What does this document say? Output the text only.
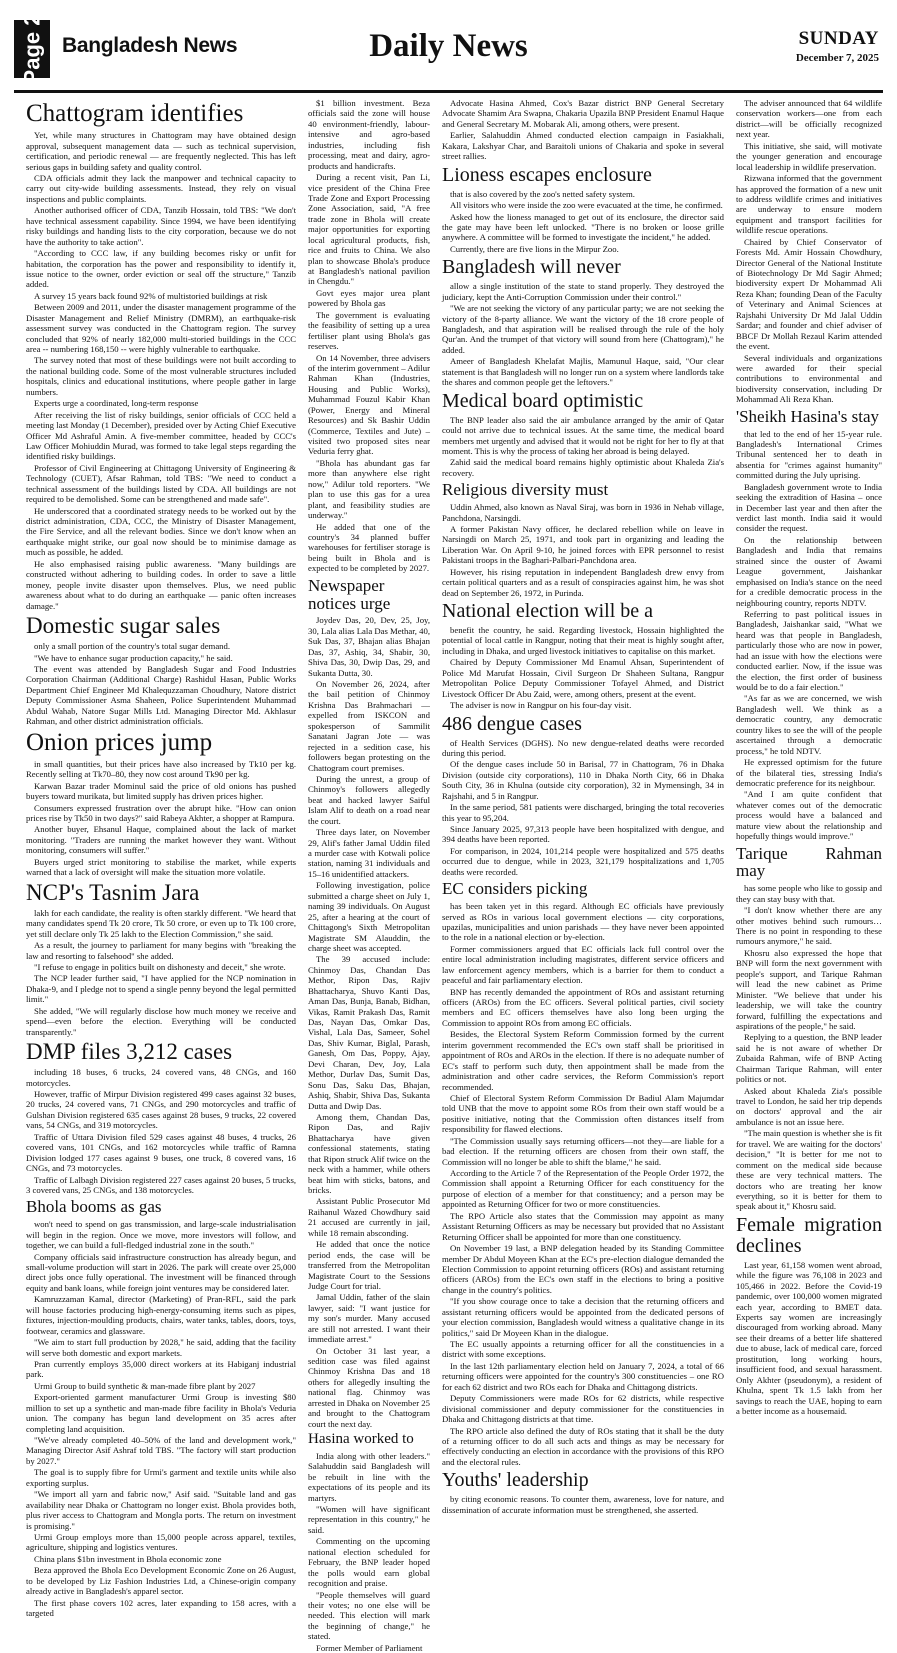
Page 2 Bangladesh News	Daily News	SUNDAY
December 7, 2025
Chattogram identifies

Yet, while many structures in Chattogram may have obtained design approval, subsequent management data — such as technical supervision, certification, and periodic renewal — are frequently neglected. This has left serious gaps in building safety and quality control.

CDA officials admit they lack the manpower and technical capacity to carry out city-wide building assessments. Instead, they rely on visual inspections and public complaints.

Another authorised officer of CDA, Tanzib Hossain, told TBS: "We don't have technical assessment capability. Since 1994, we have been identifying risky buildings and handing lists to the city corporation, because we do not have the authority to take action".

"According to CCC law, if any building becomes risky or unfit for habitation, the corporation has the power and responsibility to identify it, issue notice to the owner, order eviction or seal off the structure," Tanzib added.

A survey 15 years back found 92% of multistoried buildings at risk

Between 2009 and 2011, under the disaster management programme of the Disaster Management and Relief Ministry (DMRM), an earthquake-risk assessment survey was conducted in the Chattogram region. The survey concluded that 92% of nearly 182,000 multi-storied buildings in the CCC area -- numbering 168,150 -- were highly vulnerable to earthquake.

The survey noted that most of these buildings were not built according to the national building code. Some of the most vulnerable structures included hospitals, clinics and educational institutions, where people gather in large numbers.

Experts urge a coordinated, long-term response

After receiving the list of risky buildings, senior officials of CCC held a meeting last Monday (1 December), presided over by Acting Chief Executive Officer Md Ashraful Amin. A five-member committee, headed by CCC's Law Officer Mohiuddin Murad, was formed to take legal steps regarding the identified risky buildings.

Professor of Civil Engineering at Chittagong University of Engineering & Technology (CUET), Afsar Rahman, told TBS: "We need to conduct a technical assessment of the buildings listed by CDA. All buildings are not required to be demolished. Some can be strengthened and made safe".

He underscored that a coordinated strategy needs to be worked out by the district administration, CDA, CCC, the Ministry of Disaster Management, the Fire Service, and all the relevant bodies. Since we don't know when an earthquake might strike, our goal now should be to minimise damage as much as possible, he added.

He also emphasised raising public awareness. "Many buildings are constructed without adhering to building codes. In order to save a little money, people invite disaster upon themselves. Plus, we need public awareness about what to do during an earthquake — panic often increases damage."

Domestic sugar sales

only a small portion of the country's total sugar demand.

"We have to enhance sugar production capacity," he said.

The event was attended by Bangladesh Sugar and Food Industries Corporation Chairman (Additional Charge) Rashidul Hasan, Public Works Department Chief Engineer Md Khalequzzaman Choudhury, Natore district Deputy Commissioner Asma Shaheen, Police Superintendent Muhammad Abdul Wahab, Natore Sugar Mills Ltd. Managing Director Md. Akhlasur Rahman, and other district administration officials.

Onion prices jump

in small quantities, but their prices have also increased by Tk10 per kg. Recently selling at Tk70–80, they now cost around Tk90 per kg.

Karwan Bazar trader Mominul said the price of old onions has pushed buyers toward murikata, but limited supply has driven prices higher.

Consumers expressed frustration over the abrupt hike. "How can onion prices rise by Tk50 in two days?" said Rabeya Akhter, a shopper at Rampura.

Another buyer, Ehsanul Haque, complained about the lack of market monitoring. "Traders are running the market however they want. Without monitoring, consumers will suffer."

Buyers urged strict monitoring to stabilise the market, while experts warned that a lack of oversight will make the situation more volatile.

NCP's Tasnim Jara

lakh for each candidate, the reality is often starkly different. "We heard that many candidates spend Tk 20 crore, Tk 50 crore, or even up to Tk 100 crore, yet still declare only Tk 25 lakh to the Election Commission," she said.

As a result, the journey to parliament for many begins with "breaking the law and resorting to falsehood" she added.

"I refuse to engage in politics built on dishonesty and deceit," she wrote.

The NCP leader further said, "I have applied for the NCP nomination in Dhaka-9, and I pledge not to spend a single penny beyond the legal permitted limit."

She added, "We will regularly disclose how much money we receive and spend—even before the election. Everything will be conducted transparently."

DMP files 3,212 cases

including 18 buses, 6 trucks, 24 covered vans, 48 CNGs, and 160 motorcycles.

However, traffic of Mirpur Division registered 499 cases against 32 buses, 20 trucks, 24 covered vans, 71 CNGs, and 290 motorcycles and traffic of Gulshan Division registered 635 cases against 28 buses, 9 trucks, 22 covered vans, 54 CNGs, and 319 motorcycles.

Traffic of Uttara Division filed 529 cases against 48 buses, 4 trucks, 26 covered vans, 101 CNGs, and 162 motorcycles while traffic of Ramna Division lodged 177 cases against 9 buses, one truck, 8 covered vans, 16 CNGs, and 73 motorcycles.

Traffic of Lalbagh Division registered 227 cases against 20 buses, 5 trucks, 3 covered vans, 25 CNGs, and 138 motorcycles.

Bhola booms as gas

won't need to spend on gas transmission, and large-scale industrialisation will begin in the region. Once we move, more investors will follow, and together, we can build a full-fledged industrial zone in the south."

Company officials said infrastructure construction has already begun, and small-volume production will start in 2026. The park will create over 25,000 direct jobs once fully operational. The investment will be financed through equity and bank loans, while foreign joint ventures may be considered later.

Kamruzzaman Kamal, director (Marketing) of Pran-RFL, said the park will house factories producing high-energy-consuming items such as pipes, fixtures, injection-moulding products, chairs, water tanks, tables, doors, toys, footwear, ceramics and glassware.

"We aim to start full production by 2028," he said, adding that the facility will serve both domestic and export markets.

Pran currently employs 35,000 direct workers at its Habiganj industrial park.

Urmi Group to build synthetic & man-made fibre plant by 2027

Export-oriented garment manufacturer Urmi Group is investing $80 million to set up a synthetic and man-made fibre facility in Bhola's Veduria union. The company has begun land development on 35 acres after completing land acquisition.

"We've already completed 40–50% of the land and development work," Managing Director Asif Ashraf told TBS. "The factory will start production by 2027."

The goal is to supply fibre for Urmi's garment and textile units while also exporting surplus.

"We import all yarn and fabric now," Asif said. "Suitable land and gas availability near Dhaka or Chattogram no longer exist. Bhola provides both, plus river access to Chattogram and Mongla ports. The return on investment is promising."

Urmi Group employs more than 15,000 people across apparel, textiles, agriculture, shipping and logistics ventures.

China plans $1bn investment in Bhola economic zone

Beza approved the Bhola Eco Development Economic Zone on 26 August, to be developed by Liz Fashion Industries Ltd, a Chinese-origin company already active in Bangladesh's apparel sector.

The first phase covers 102 acres, later expanding to 158 acres, with a targeted

$1 billion investment. Beza officials said the zone will house 40 environment-friendly, labour-intensive and agro-based industries, including fish processing, meat and dairy, agro-products and handicrafts.

During a recent visit, Pan Li, vice president of the China Free Trade Zone and Export Processing Zone Association, said, "A free trade zone in Bhola will create major opportunities for exporting local agricultural products, fish, rice and fruits to China. We also plan to showcase Bhola's produce at Bangladesh's national pavilion in Chengdu."

Govt eyes major urea plant powered by Bhola gas

The government is evaluating the feasibility of setting up a urea fertiliser plant using Bhola's gas reserves.

On 14 November, three advisers of the interim government – Adilur Rahman Khan (Industries, Housing and Public Works), Muhammad Fouzul Kabir Khan (Power, Energy and Mineral Resources) and Sk Bashir Uddin (Commerce, Textiles and Jute) – visited two proposed sites near Veduria ferry ghat.

"Bhola has abundant gas far more than anywhere else right now," Adilur told reporters. "We plan to use this gas for a urea plant, and feasibility studies are underway."

He added that one of the country's 34 planned buffer warehouses for fertiliser storage is being built in Bhola and is expected to be completed by 2027.

Newspaper notices urge

Joydev Das, 20, Dev, 25, Joy, 30, Lala alias Lala Das Methar, 40, Suk Das, 37, Bhajan alias Bhajan Das, 37, Ashiq, 34, Shabir, 30, Shiva Das, 30, Dwip Das, 29, and Sukanta Dutta, 30.

On November 26, 2024, after the bail petition of Chinmoy Krishna Das Brahmachari — expelled from ISKCON and spokesperson of Sammilit Sanatani Jagran Jote — was rejected in a sedition case, his followers began protesting on the Chattogram court premises.

During the unrest, a group of Chinmoy's followers allegedly beat and hacked lawyer Saiful Islam Alif to death on a road near the court.

Three days later, on November 29, Alif's father Jamal Uddin filed a murder case with Kotwali police station, naming 31 individuals and 15–16 unidentified attackers.

Following investigation, police submitted a charge sheet on July 1, naming 39 individuals. On August 25, after a hearing at the court of Chittagong's Sixth Metropolitan Magistrate SM Alauddin, the charge sheet was accepted.

The 39 accused include: Chinmoy Das, Chandan Das Methor, Ripon Das, Rajiv Bhattacharya, Shuvo Kanti Das, Aman Das, Bunja, Banab, Bidhan, Vikas, Ramit Prakash Das, Ramit Das, Nayan Das, Omkar Das, Vishal, Lala Das, Sameer, Sohel Das, Shiv Kumar, Biglal, Parash, Ganesh, Om Das, Poppy, Ajay, Devi Charan, Dev, Joy, Lala Methor, Durlav Das, Sumit Das, Sonu Das, Saku Das, Bhajan, Ashiq, Shabir, Shiva Das, Sukanta Dutta and Dwip Das.

Among them, Chandan Das, Ripon Das, and Rajiv Bhattacharya have given confessional statements, stating that Ripon struck Alif twice on the neck with a hammer, while others beat him with sticks, batons, and bricks.

Assistant Public Prosecutor Md Raihanul Wazed Chowdhury said 21 accused are currently in jail, while 18 remain absconding.

He added that once the notice period ends, the case will be transferred from the Metropolitan Magistrate Court to the Sessions Judge Court for trial.

Jamal Uddin, father of the slain lawyer, said: "I want justice for my son's murder. Many accused are still not arrested. I want their immediate arrest."

On October 31 last year, a sedition case was filed against Chinmoy Krishna Das and 18 others for allegedly insulting the national flag. Chinmoy was arrested in Dhaka on November 25 and brought to the Chattogram court the next day.

Hasina worked to

India along with other leaders." Salahuddin said Bangladesh will be rebuilt in line with the expectations of its people and its martyrs.

"Women will have significant representation in this country," he said.

Commenting on the upcoming national election scheduled for February, the BNP leader hoped the polls would earn global recognition and praise.

"People themselves will guard their votes; no one else will be needed. This election will mark the beginning of change," he stated.

Former Member of Parliament

Advocate Hasina Ahmed, Cox's Bazar district BNP General Secretary Advocate Shamim Ara Swapna, Chakaria Upazila BNP President Enamul Haque and General Secretary M. Mobarak Ali, among others, were present.

Earlier, Salahuddin Ahmed conducted election campaign in Fasiakhali, Kakara, Lakshyar Char, and Baraitoli unions of Chakaria and spoke in several street rallies.

Lioness escapes enclosure

that is also covered by the zoo's netted safety system.

All visitors who were inside the zoo were evacuated at the time, he confirmed.

Asked how the lioness managed to get out of its enclosure, the director said the gate may have been left unlocked. "There is no broken or loose grille anywhere. A committee will be formed to investigate the incident," he added.

Currently, there are five lions in the Mirpur Zoo.

Bangladesh will never

allow a single institution of the state to stand properly. They destroyed the judiciary, kept the Anti-Corruption Commission under their control."

"We are not seeking the victory of any particular party; we are not seeking the victory of the 8-party alliance. We want the victory of the 18 crore people of Bangladesh, and that aspiration will be realised through the rule of the holy Qur'an. And the trumpet of that victory will sound from here (Chattogram)," he added.

Ameer of Bangladesh Khelafat Majlis, Mamunul Haque, said, "Our clear statement is that Bangladesh will no longer run on a system where landlords take the shares and common people get the leftovers."

Medical board optimistic

The BNP leader also said the air ambulance arranged by the amir of Qatar could not arrive due to technical issues. At the same time, the medical board members met urgently and advised that it would not be right for her to fly at that moment. This is why the process of taking her abroad is being delayed.

Zahid said the medical board remains highly optimistic about Khaleda Zia's recovery.

Religious diversity must

Uddin Ahmed, also known as Naval Siraj, was born in 1936 in Nehab village, Panchdona, Narsingdi.

A former Pakistan Navy officer, he declared rebellion while on leave in Narsingdi on March 25, 1971, and took part in organizing and leading the Liberation War. On April 9-10, he joined forces with EPR personnel to resist Pakistani troops in the Baghari-Palbari-Panchdona area.

However, his rising reputation in independent Bangladesh drew envy from certain political quarters and as a result of conspiracies against him, he was shot dead on September 26, 1972, in Purinda.

National election will be a

benefit the country, he said. Regarding livestock, Hossain highlighted the potential of local cattle in Rangpur, noting that their meat is highly sought after, including in Dhaka, and urged livestock initiatives to capitalise on this market.

Chaired by Deputy Commissioner Md Enamul Ahsan, Superintendent of Police Md Marufat Hossain, Civil Surgeon Dr Shaheen Sultana, Rangpur Metropolitan Police Deputy Commissioner Tofayel Ahmed, and District Livestock Officer Dr Abu Zaid, were, among others, present at the event.

The adviser is now in Rangpur on his four-day visit.

486 dengue cases

of Health Services (DGHS). No new dengue-related deaths were recorded during this period.

Of the dengue cases include 50 in Barisal, 77 in Chattogram, 76 in Dhaka Division (outside city corporations), 110 in Dhaka North City, 66 in Dhaka South City, 36 in Khulna (outside city corporation), 32 in Mymensingh, 34 in Rajshahi, and 5 in Rangpur.

In the same period, 581 patients were discharged, bringing the total recoveries this year to 95,204.

Since January 2025, 97,313 people have been hospitalized with dengue, and 394 deaths have been reported.

For comparison, in 2024, 101,214 people were hospitalized and 575 deaths occurred due to dengue, while in 2023, 321,179 hospitalizations and 1,705 deaths were recorded.

EC considers picking

has been taken yet in this regard. Although EC officials have previously served as ROs in various local government elections — city corporations, upazilas, municipalities and union parishads — they have never been appointed to the role in a national election or by-election.

Former commissioners argued that EC officials lack full control over the entire local administration including magistrates, different service officers and law enforcement agency members, which is a barrier for them to conduct a peaceful and fair parliamentary election.

BNP has recently demanded the appointment of ROs and assistant returning officers (AROs) from the EC officers. Several political parties, civil society members and EC officers themselves have also long been urging the Commission to appoint ROs from among EC officials.

Besides, the Electoral System Reform Commission formed by the current interim government recommended the EC's own staff shall be prioritised in appointment of ROs and AROs in the election. If there is no adequate number of EC's staff to perform such duty, then appointment shall be made from the administration and other cadre services, the Reform Commission's report recommended.

Chief of Electoral System Reform Commission Dr Badiul Alam Majumdar told UNB that the move to appoint some ROs from their own staff would be a positive initiative, noting that the Commission often distances itself from responsibility for flawed elections.

"The Commission usually says returning officers—not they—are liable for a bad election. If the returning officers are chosen from their own staff, the Commission will no longer be able to shift the blame," he said.

According to the Article 7 of the Representation of the People Order 1972, the Commission shall appoint a Returning Officer for each constituency for the purpose of election of a member for that constituency; and a person may be appointed as Returning Officer for two or more constituencies.

The RPO Article also states that the Commission may appoint as many Assistant Returning Officers as may be necessary but provided that no Assistant Returning Officer shall be appointed for more than one constituency.

On November 19 last, a BNP delegation headed by its Standing Committee member Dr Abdul Moyeen Khan at the EC's pre-election dialogue demanded the Election Commission to appoint returning officers (ROs) and assistant returning officers (AROs) from the EC's own staff in the elections to bring a positive change in the country's politics.

"If you show courage once to take a decision that the returning officers and assistant returning officers would be appointed from the dedicated persons of your election commission, Bangladesh would witness a qualitative change in its politics," said Dr Moyeen Khan in the dialogue.

The EC usually appoints a returning officer for all the constituencies in a district with some exceptions.

In the last 12th parliamentary election held on January 7, 2024, a total of 66 returning officers were appointed for the country's 300 constituencies – one RO for each 62 district and two ROs each for Dhaka and Chittagong districts.

Deputy Commissioners were made ROs for 62 districts, while respective divisional commissioner and deputy commissioner for the constituencies in Dhaka and Chittagong districts at that time.

The RPO article also defined the duty of ROs stating that it shall be the duty of a returning officer to do all such acts and things as may be necessary for effectively conducting an election in accordance with the provisions of this RPO and the electoral rules.

Youths' leadership

by citing economic reasons. To counter them, awareness, love for nature, and dissemination of accurate information must be strengthened, she asserted.

The adviser announced that 64 wildlife conservation workers—one from each district—will be officially recognized next year.

This initiative, she said, will motivate the younger generation and encourage local leadership in wildlife preservation.

Rizwana informed that the government has approved the formation of a new unit to address wildlife crimes and initiatives are underway to ensure modern equipment and transport facilities for wildlife rescue operations.

Chaired by Chief Conservator of Forests Md. Amir Hossain Chowdhury, Director General of the National Institute of Biotechnology Dr Md Sagir Ahmed; biodiversity expert Dr Mohammad Ali Reza Khan; founding Dean of the Faculty of Veterinary and Animal Sciences at Rajshahi University Dr Md Jalal Uddin Sardar; and founder and chief adviser of BBCF Dr Mollah Rezaul Karim attended the event.

Several individuals and organizations were awarded for their special contributions to environmental and biodiversity conservation, including Dr Mohammad Ali Reza Khan.

'Sheikh Hasina's stay

that led to the end of her 15-year rule. Bangladesh's International Crimes Tribunal sentenced her to death in absentia for "crimes against humanity" committed during the July uprising.

Bangladesh government wrote to India seeking the extradition of Hasina – once in December last year and then after the verdict last month. India said it would consider the request.

On the relationship between Bangladesh and India that remains strained since the ouster of Awami League government, Jaishankar emphasised on India's stance on the need for a credible democratic process in the neighbouring country, reports NDTV.

Referring to past political issues in Bangladesh, Jaishankar said, "What we heard was that people in Bangladesh, particularly those who are now in power, had an issue with how the elections were conducted earlier. Now, if the issue was the election, the first order of business would be to do a fair election."

"As far as we are concerned, we wish Bangladesh well. We think as a democratic country, any democratic country likes to see the will of the people ascertained through a democratic process," he told NDTV.

He expressed optimism for the future of the bilateral ties, stressing India's democratic preference for its neighbour.

"And I am quite confident that whatever comes out of the democratic process would have a balanced and mature view about the relationship and hopefully things would improve."

Tarique Rahman may

has some people who like to gossip and they can stay busy with that.

"I don't know whether there are any other motives behind such rumours… There is no point in responding to these rumours anymore," he said.

Khosru also expressed the hope that BNP will form the next government with people's support, and Tarique Rahman will lead the new cabinet as Prime Minister. "We believe that under his leadership, we will take the country forward, fulfilling the expectations and aspirations of the people," he said.

Replying to a question, the BNP leader said he is not aware of whether Dr Zubaida Rahman, wife of BNP Acting Chairman Tarique Rahman, will enter politics or not.

Asked about Khaleda Zia's possible travel to London, he said her trip depends on doctors' approval and the air ambulance is not an issue here.

"The main question is whether she is fit for travel. We are waiting for the doctors' decision," "It is better for me not to comment on the medical side because these are very technical matters. The doctors who are treating her know everything, so it is better for them to speak about it," Khosru said.

Female migration declines

Last year, 61,158 women went abroad, while the figure was 76,108 in 2023 and 105,466 in 2022. Before the Covid-19 pandemic, over 100,000 women migrated each year, according to BMET data. Experts say women are increasingly discouraged from working abroad. Many see their dreams of a better life shattered due to abuse, lack of medical care, forced prostitution, long working hours, insufficient food, and sexual harassment. Only Akhter (pseudonym), a resident of Khulna, spent Tk 1.5 lakh from her savings to reach the UAE, hoping to earn a better income as a housemaid.
